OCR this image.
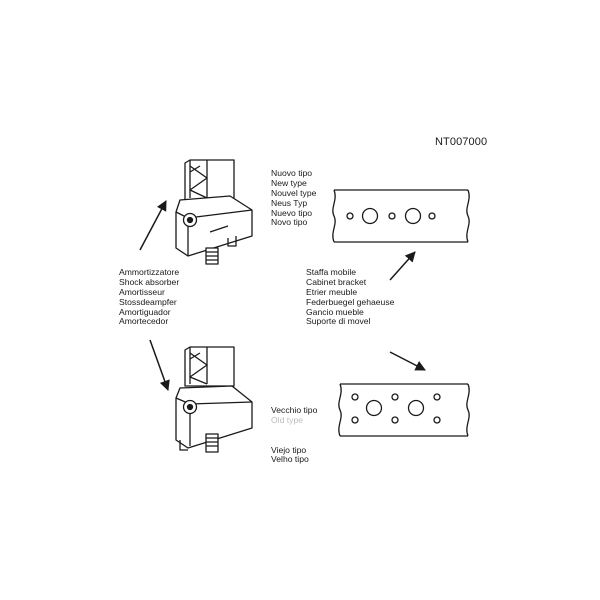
NT007000
Nuovo tipo
New type
Nouvel type
Neus Typ
Nuevo tipo
Novo tipo
Ammortizzatore
Shock absorber
Amortisseur
Stossdeampfer
Amortiguador
Amortecedor
Staffa mobile
Cabinet bracket
Etrier meuble
Federbuegel gehaeuse
Gancio mueble
Suporte di movel
Vecchio tipo
Old type
Viejo tipo
Velho tipo
